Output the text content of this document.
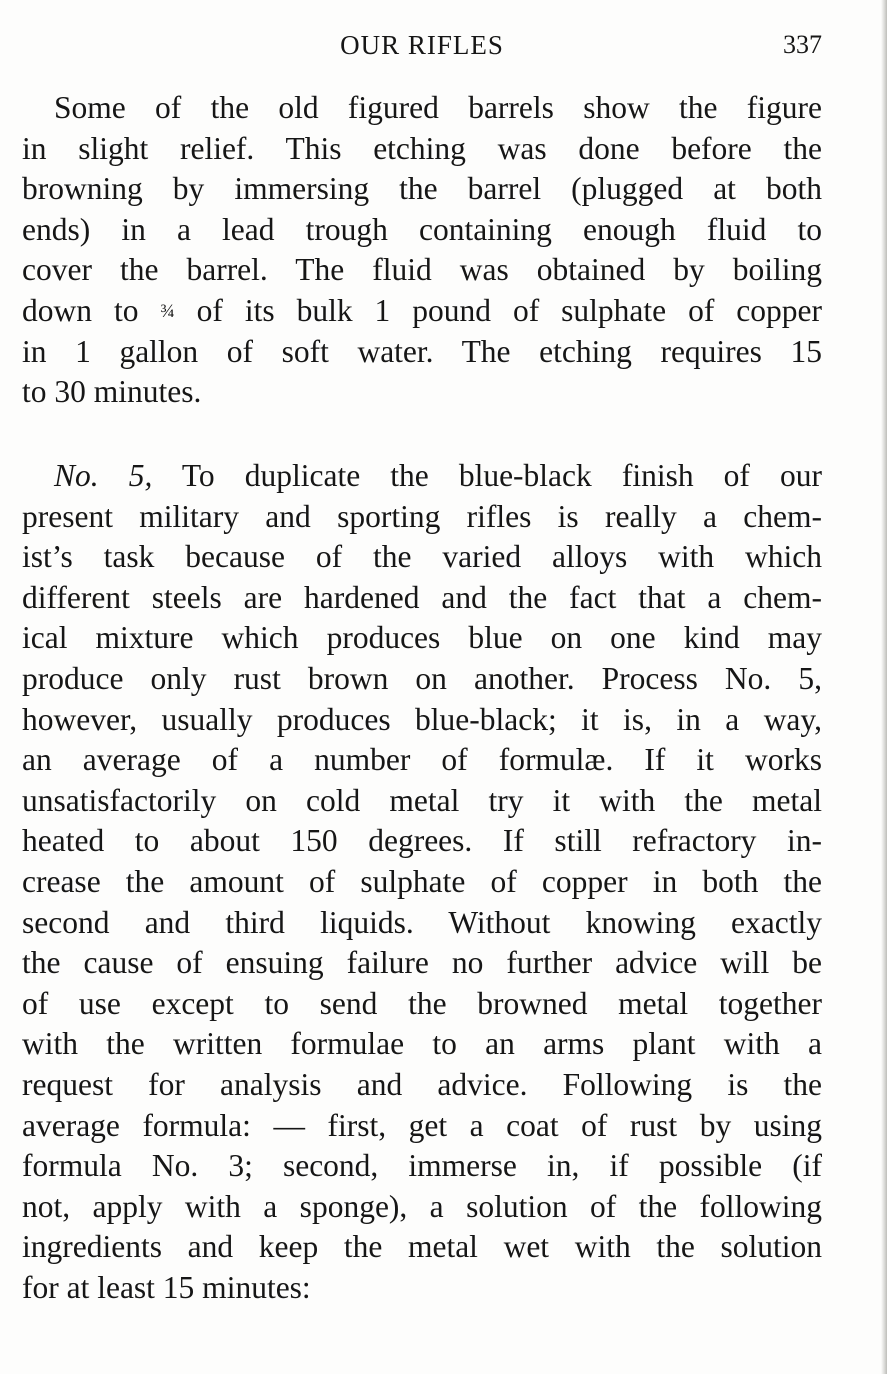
OUR RIFLES	337
Some of the old figured barrels show the figure
in slight relief. This etching was done before the
browning by immersing the barrel (plugged at both
ends) in a lead trough containing enough fluid to
cover the barrel. The fluid was obtained by boiling
down to ¾ of its bulk 1 pound of sulphate of copper
in 1 gallon of soft water. The etching requires 15
to 30 minutes.
No. 5, To duplicate the blue-black finish of our
present military and sporting rifles is really a chem-
ist’s task because of the varied alloys with which
different steels are hardened and the fact that a chem-
ical mixture which produces blue on one kind may
produce only rust brown on another. Process No. 5,
however, usually produces blue-black; it is, in a way,
an average of a number of formulæ. If it works
unsatisfactorily on cold metal try it with the metal
heated to about 150 degrees. If still refractory in-
crease the amount of sulphate of copper in both the
second and third liquids. Without knowing exactly
the cause of ensuing failure no further advice will be
of use except to send the browned metal together
with the written formulae to an arms plant with a
request for analysis and advice. Following is the
average formula: — first, get a coat of rust by using
formula No. 3; second, immerse in, if possible (if
not, apply with a sponge), a solution of the following
ingredients and keep the metal wet with the solution
for at least 15 minutes:
